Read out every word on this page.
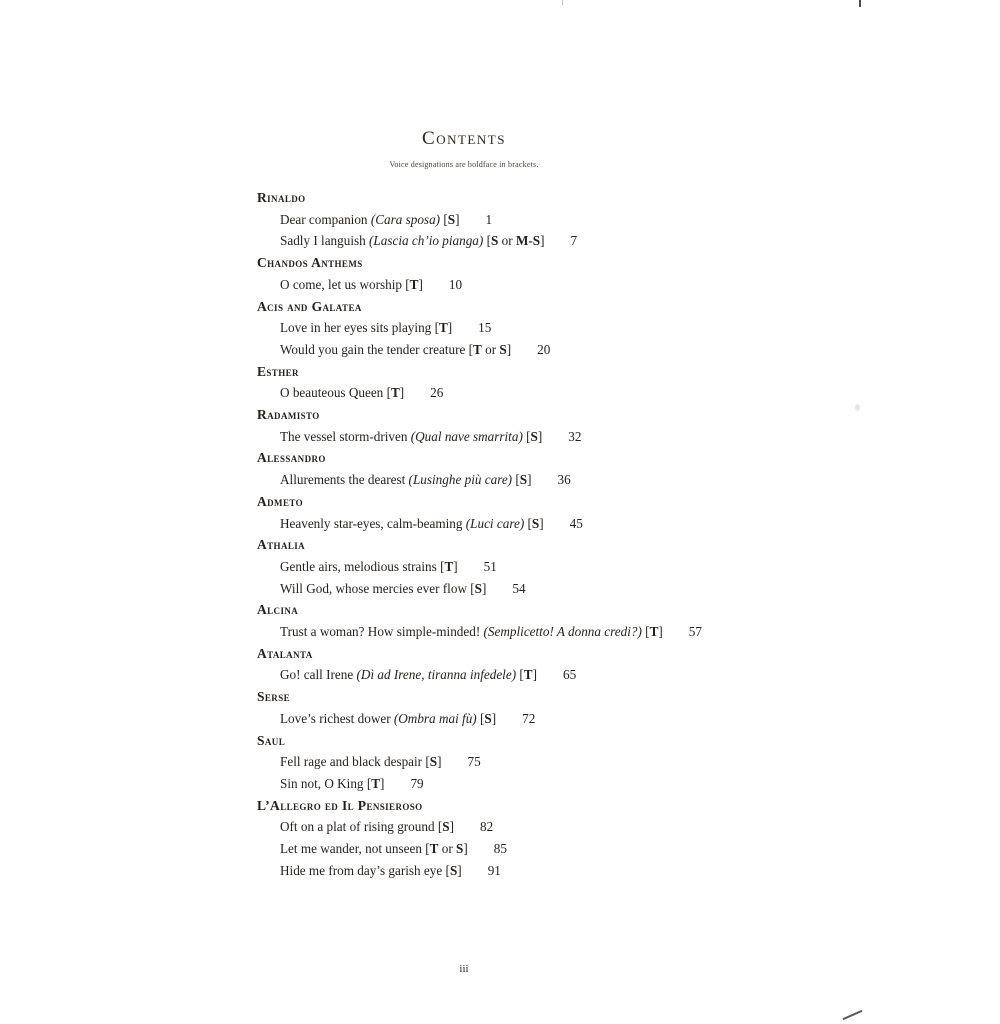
Contents
Voice designations are boldface in brackets.
Rinaldo
Dear companion (Cara sposa) [S] 1
Sadly I languish (Lascia ch’io pianga) [S or M-S] 7
Chandos Anthems
O come, let us worship [T] 10
Acis and Galatea
Love in her eyes sits playing [T] 15
Would you gain the tender creature [T or S] 20
Esther
O beauteous Queen [T] 26
Radamisto
The vessel storm-driven (Qual nave smarrita) [S] 32
Alessandro
Allurements the dearest (Lusinghe più care) [S] 36
Admeto
Heavenly star-eyes, calm-beaming (Luci care) [S] 45
Athalia
Gentle airs, melodious strains [T] 51
Will God, whose mercies ever flow [S] 54
Alcina
Trust a woman? How simple-minded! (Semplicetto! A donna credi?) [T] 57
Atalanta
Go! call Irene (Dì ad Irene, tiranna infedele) [T] 65
Serse
Love’s richest dower (Ombra mai fù) [S] 72
Saul
Fell rage and black despair [S] 75
Sin not, O King [T] 79
L’Allegro ed Il Pensieroso
Oft on a plat of rising ground [S] 82
Let me wander, not unseen [T or S] 85
Hide me from day’s garish eye [S] 91
iii
